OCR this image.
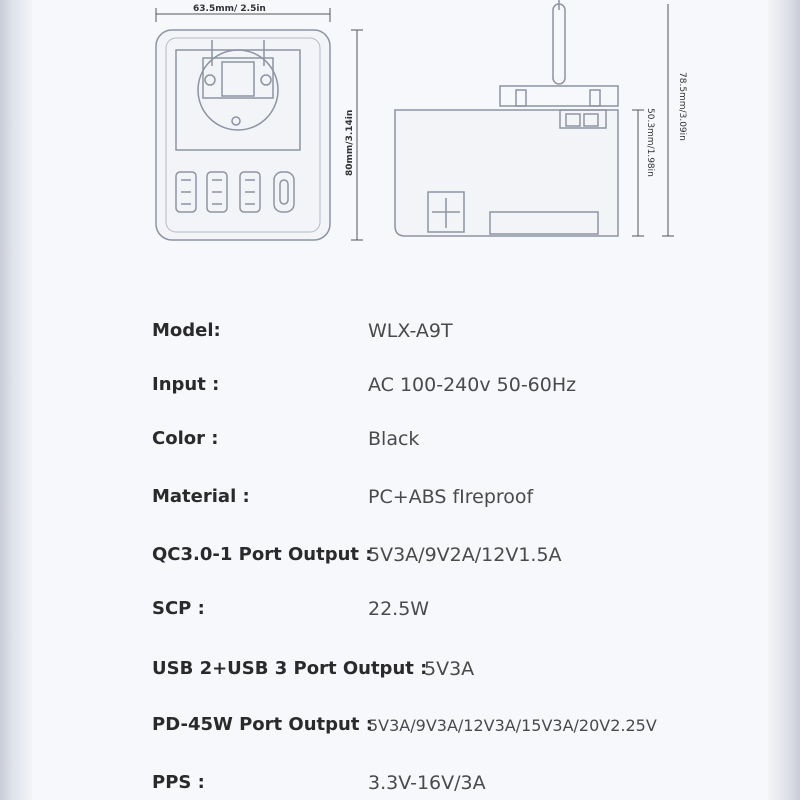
63.5mm/ 2.5in
80mm/3.14in
78.5mm/3.09in
50.3mm/1.98in
Model:	WLX-A9T
Input :	AC 100-240v 50-60Hz
Color :	Black
Material :	PC+ABS fIreproof
QC3.0-1 Port Output :
5V3A/9V2A/12V1.5A
SCP :	22.5W
USB 2+USB 3 Port Output :
5V3A
PD-45W Port Output :
5V3A/9V3A/12V3A/15V3A/20V2.25V
PPS :	3.3V-16V/3A
